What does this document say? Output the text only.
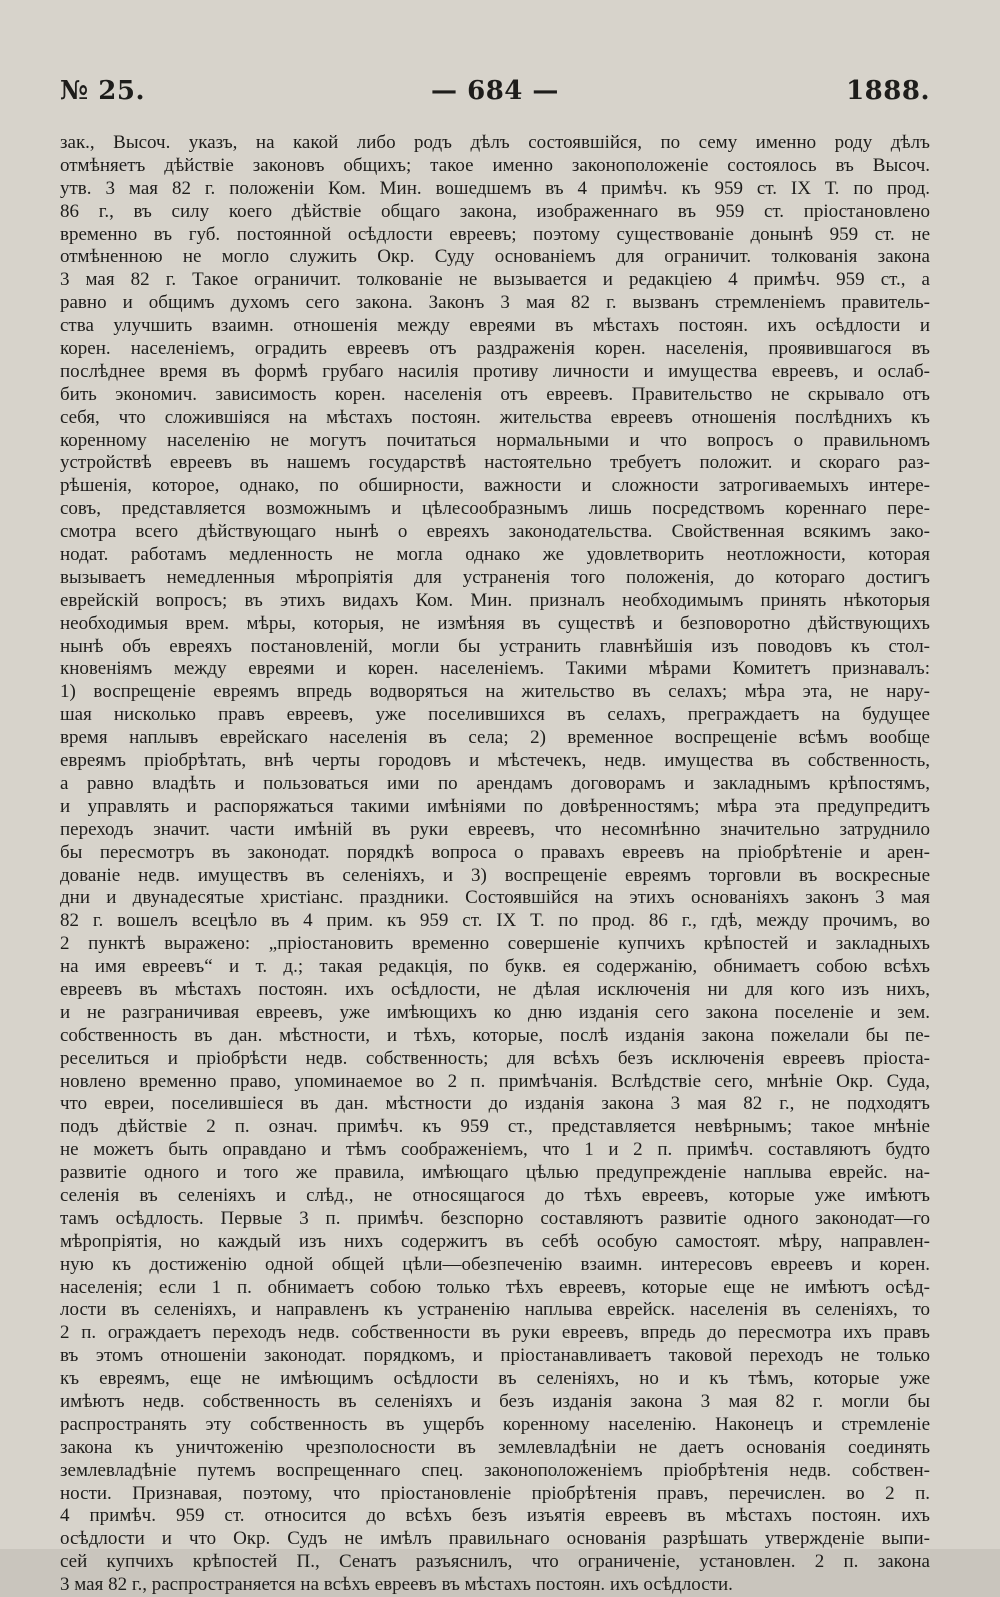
№ 25.	— 684 —	1888.
зак., Высоч. указъ, на какой либо родъ дѣлъ состоявшійся, по сему именно роду дѣлъ
отмѣняетъ дѣйствіе законовъ общихъ; такое именно законоположеніе состоялось въ Высоч.
утв. 3 мая 82 г. положеніи Ком. Мин. вошедшемъ въ 4 примѣч. къ 959 ст. IX Т. по прод.
86 г., въ силу коего дѣйствіе общаго закона, изображеннаго въ 959 ст. пріостановлено
временно въ губ. постоянной осѣдлости евреевъ; поэтому существованіе донынѣ 959 ст. не
отмѣненною не могло служить Окр. Суду основаніемъ для ограничит. толкованія закона
3 мая 82 г. Такое ограничит. толкованіе не вызывается и редакціею 4 примѣч. 959 ст., а
равно и общимъ духомъ сего закона. Законъ 3 мая 82 г. вызванъ стремленіемъ правитель-
ства улучшить взаимн. отношенія между евреями въ мѣстахъ постоян. ихъ осѣдлости и
корен. населеніемъ, оградить евреевъ отъ раздраженія корен. населенія, проявившагося въ
послѣднее время въ формѣ грубаго насилія противу личности и имущества евреевъ, и ослаб-
бить экономич. зависимость корен. населенія отъ евреевъ. Правительство не скрывало отъ
себя, что сложившіяся на мѣстахъ постоян. жительства евреевъ отношенія послѣднихъ къ
коренному населенію не могутъ почитаться нормальными и что вопросъ о правильномъ
устройствѣ евреевъ въ нашемъ государствѣ настоятельно требуетъ положит. и скораго раз-
рѣшенія, которое, однако, по обширности, важности и сложности затрогиваемыхъ интере-
совъ, представляется возможнымъ и цѣлесообразнымъ лишь посредствомъ кореннаго пере-
смотра всего дѣйствующаго нынѣ о евреяхъ законодательства. Свойственная всякимъ зако-
нодат. работамъ медленность не могла однако же удовлетворить неотложности, которая
вызываетъ немедленныя мѣропріятія для устраненія того положенія, до котораго достигъ
еврейскій вопросъ; въ этихъ видахъ Ком. Мин. призналъ необходимымъ принять нѣкоторыя
необходимыя врем. мѣры, которыя, не измѣняя въ существѣ и безповоротно дѣйствующихъ
нынѣ объ евреяхъ постановленій, могли бы устранить главнѣйшія изъ поводовъ къ стол-
кновеніямъ между евреями и корен. населеніемъ. Такими мѣрами Комитетъ признавалъ:
1) воспрещеніе евреямъ впредь водворяться на жительство въ селахъ; мѣра эта, не нару-
шая нисколько правъ евреевъ, уже поселившихся въ селахъ, преграждаетъ на будущее
время наплывъ еврейскаго населенія въ села; 2) временное воспрещеніе всѣмъ вообще
евреямъ пріобрѣтать, внѣ черты городовъ и мѣстечекъ, недв. имущества въ собственность,
а равно владѣть и пользоваться ими по арендамъ договорамъ и закладнымъ крѣпостямъ,
и управлять и распоряжаться такими имѣніями по довѣренностямъ; мѣра эта предупредитъ
переходъ значит. части имѣній въ руки евреевъ, что несомнѣнно значительно затруднило
бы пересмотръ въ законодат. порядкѣ вопроса о правахъ евреевъ на пріобрѣтеніе и арен-
дованіе недв. имуществъ въ селеніяхъ, и 3) воспрещеніе евреямъ торговли въ воскресные
дни и двунадесятые христіанс. праздники. Состоявшійся на этихъ основаніяхъ законъ 3 мая
82 г. вошелъ всецѣло въ 4 прим. къ 959 ст. IX Т. по прод. 86 г., гдѣ, между прочимъ, во
2 пунктѣ выражено: „пріостановить временно совершеніе купчихъ крѣпостей и закладныхъ
на имя евреевъ“ и т. д.; такая редакція, по букв. ея содержанію, обнимаетъ собою всѣхъ
евреевъ въ мѣстахъ постоян. ихъ осѣдлости, не дѣлая исключенія ни для кого изъ нихъ,
и не разграничивая евреевъ, уже имѣющихъ ко дню изданія сего закона поселеніе и зем.
собственность въ дан. мѣстности, и тѣхъ, которые, послѣ изданія закона пожелали бы пе-
реселиться и пріобрѣсти недв. собственность; для всѣхъ безъ исключенія евреевъ пріоста-
новлено временно право, упоминаемое во 2 п. примѣчанія. Вслѣдствіе сего, мнѣніе Окр. Суда,
что евреи, поселившіеся въ дан. мѣстности до изданія закона 3 мая 82 г., не подходятъ
подъ дѣйствіе 2 п. означ. примѣч. къ 959 ст., представляется невѣрнымъ; такое мнѣніе
не можетъ быть оправдано и тѣмъ соображеніемъ, что 1 и 2 п. примѣч. составляютъ будто
развитіе одного и того же правила, имѣющаго цѣлью предупрежденіе наплыва еврейс. на-
селенія въ селеніяхъ и слѣд., не относящагося до тѣхъ евреевъ, которые уже имѣютъ
тамъ осѣдлость. Первые 3 п. примѣч. безспорно составляютъ развитіе одного законодат—го
мѣропріятія, но каждый изъ нихъ содержитъ въ себѣ особую самостоят. мѣру, направлен-
ную къ достиженію одной общей цѣли—обезпеченію взаимн. интересовъ евреевъ и корен.
населенія; если 1 п. обнимаетъ собою только тѣхъ евреевъ, которые еще не имѣютъ осѣд-
лости въ селеніяхъ, и направленъ къ устраненію наплыва еврейск. населенія въ селеніяхъ, то
2 п. ограждаетъ переходъ недв. собственности въ руки евреевъ, впредь до пересмотра ихъ правъ
въ этомъ отношеніи законодат. порядкомъ, и пріостанавливаетъ таковой переходъ не только
къ евреямъ, еще не имѣющимъ осѣдлости въ селеніяхъ, но и къ тѣмъ, которые уже
имѣютъ недв. собственность въ селеніяхъ и безъ изданія закона 3 мая 82 г. могли бы
распространять эту собственность въ ущербъ коренному населенію. Наконецъ и стремленіе
закона къ уничтоженію чрезполосности въ землевладѣніи не даетъ основанія соединять
землевладѣніе путемъ воспрещеннаго спец. законоположеніемъ пріобрѣтенія недв. собствен-
ности. Признавая, поэтому, что пріостановленіе пріобрѣтенія правъ, перечислен. во 2 п.
4 примѣч. 959 ст. относится до всѣхъ безъ изъятія евреевъ въ мѣстахъ постоян. ихъ
осѣдлости и что Окр. Судъ не имѣлъ правильнаго основанія разрѣшать утвержденіе выпи-
сей купчихъ крѣпостей П., Сенатъ разъяснилъ, что ограниченіе, установлен. 2 п. закона
3 мая 82 г., распространяется на всѣхъ евреевъ въ мѣстахъ постоян. ихъ осѣдлости.
